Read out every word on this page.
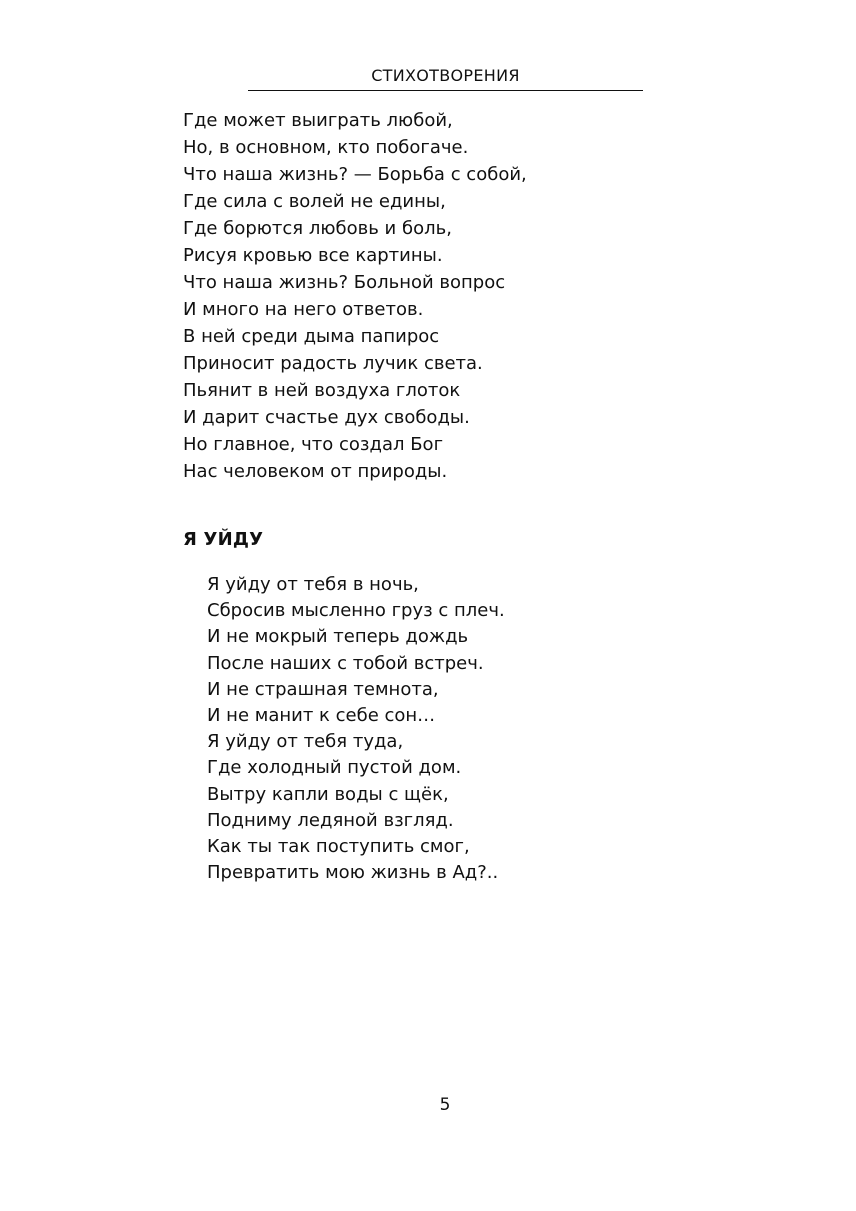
СТИХОТВОРЕНИЯ
Где может выиграть любой,
Но, в основном, кто побогаче.
Что наша жизнь? — Борьба с собой,
Где сила с волей не едины,
Где борются любовь и боль,
Рисуя кровью все картины.
Что наша жизнь? Больной вопрос
И много на него ответов.
В ней среди дыма папирос
Приносит радость лучик света.
Пьянит в ней воздуха глоток
И дарит счастье дух свободы.
Но главное, что создал Бог
Нас человеком от природы.
Я УЙДУ
Я уйду от тебя в ночь,
Сбросив мысленно груз с плеч.
И не мокрый теперь дождь
После наших с тобой встреч.
И не страшная темнота,
И не манит к себе сон…
Я уйду от тебя туда,
Где холодный пустой дом.
Вытру капли воды с щёк,
Подниму ледяной взгляд.
Как ты так поступить смог,
Превратить мою жизнь в Ад?..
5
